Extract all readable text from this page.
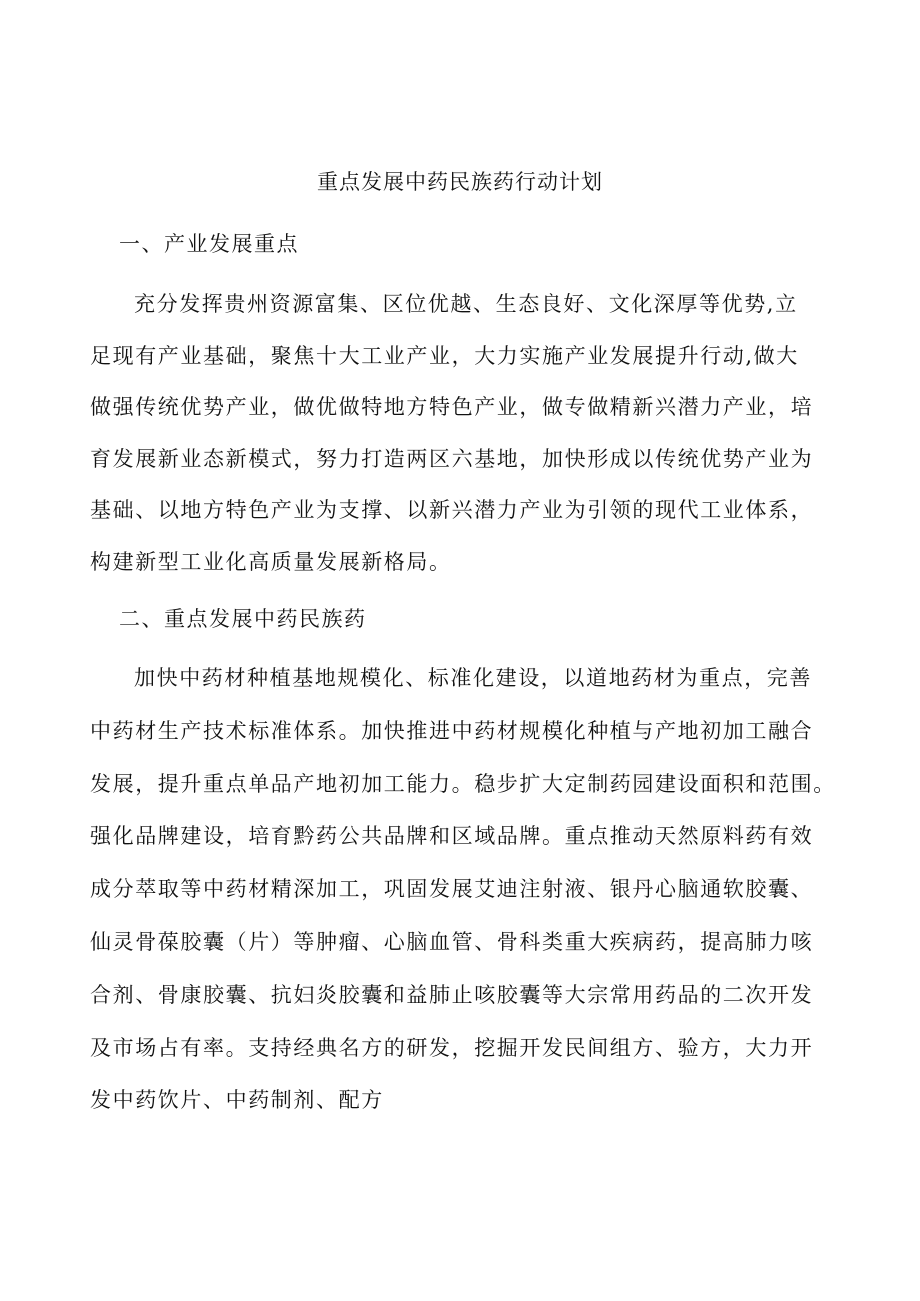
重点发展中药民族药行动计划
一、产业发展重点
充分发挥贵州资源富集、区位优越、生态良好、文化深厚等优势,立
足现有产业基础，聚焦十大工业产业，大力实施产业发展提升行动,做大
做强传统优势产业，做优做特地方特色产业，做专做精新兴潜力产业，培
育发展新业态新模式，努力打造两区六基地，加快形成以传统优势产业为
基础、以地方特色产业为支撑、以新兴潜力产业为引领的现代工业体系，
构建新型工业化高质量发展新格局。
二、重点发展中药民族药
加快中药材种植基地规模化、标准化建设，以道地药材为重点，完善
中药材生产技术标准体系。加快推进中药材规模化种植与产地初加工融合
发展，提升重点单品产地初加工能力。稳步扩大定制药园建设面积和范围。
强化品牌建设，培育黔药公共品牌和区域品牌。重点推动天然原料药有效
成分萃取等中药材精深加工，巩固发展艾迪注射液、银丹心脑通软胶囊、
仙灵骨葆胶囊（片）等肿瘤、心脑血管、骨科类重大疾病药，提高肺力咳
合剂、骨康胶囊、抗妇炎胶囊和益肺止咳胶囊等大宗常用药品的二次开发
及市场占有率。支持经典名方的研发，挖掘开发民间组方、验方，大力开
发中药饮片、中药制剂、配方
